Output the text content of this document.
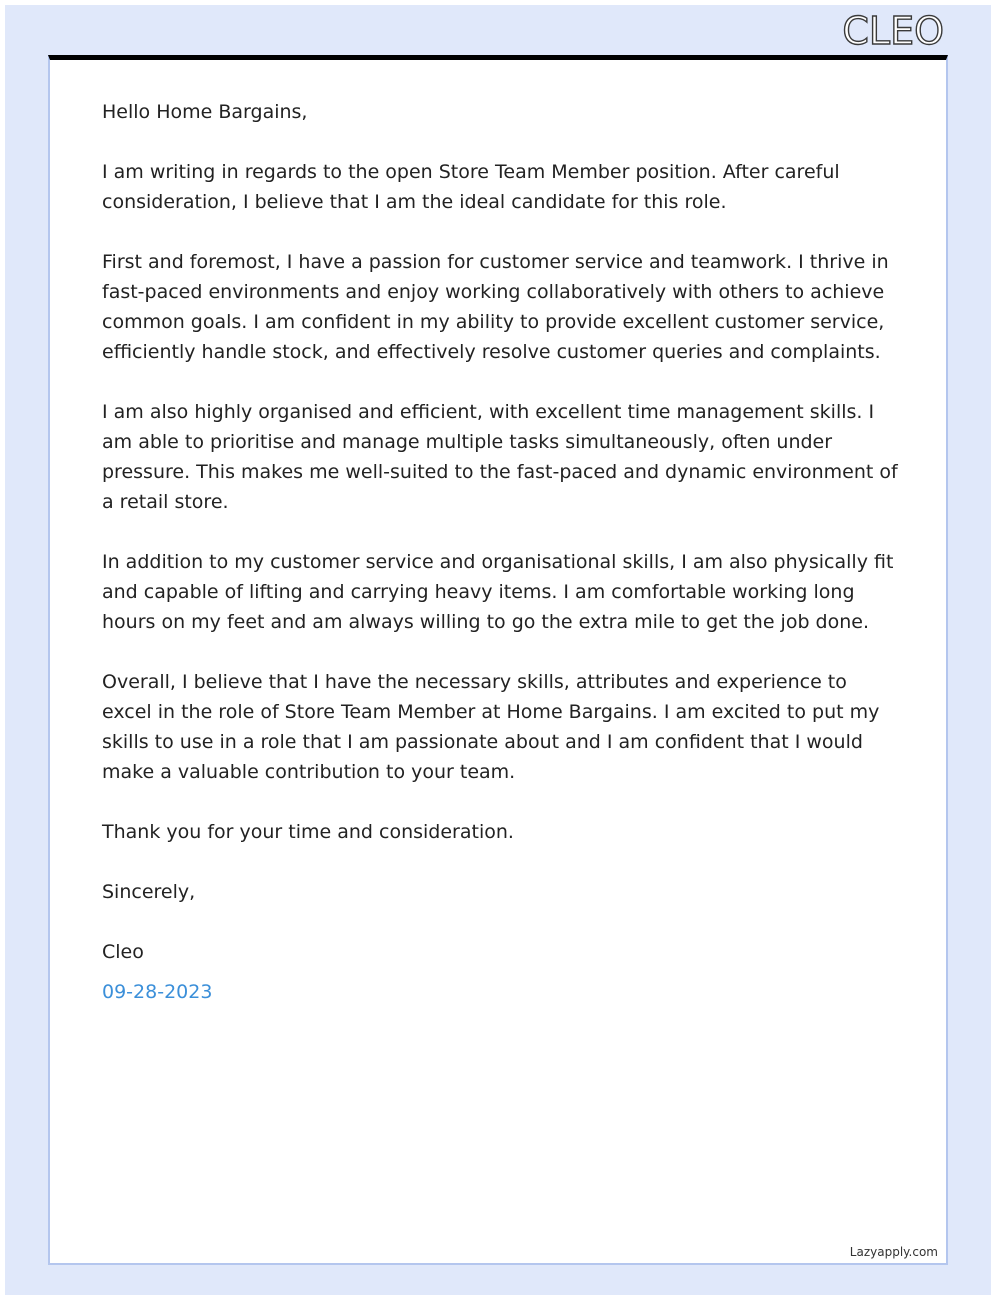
CLEO

Hello Home Bargains,

I am writing in regards to the open Store Team Member position. After careful consideration, I believe that I am the ideal candidate for this role.

First and foremost, I have a passion for customer service and teamwork. I thrive in fast-paced environments and enjoy working collaboratively with others to achieve common goals. I am confident in my ability to provide excellent customer service, efficiently handle stock, and effectively resolve customer queries and complaints.

I am also highly organised and efficient, with excellent time management skills. I am able to prioritise and manage multiple tasks simultaneously, often under pressure. This makes me well-suited to the fast-paced and dynamic environment of a retail store.

In addition to my customer service and organisational skills, I am also physically fit and capable of lifting and carrying heavy items. I am comfortable working long hours on my feet and am always willing to go the extra mile to get the job done.

Overall, I believe that I have the necessary skills, attributes and experience to excel in the role of Store Team Member at Home Bargains. I am excited to put my skills to use in a role that I am passionate about and I am confident that I would make a valuable contribution to your team.

Thank you for your time and consideration.

Sincerely,

Cleo

09-28-2023

Lazyapply.com
